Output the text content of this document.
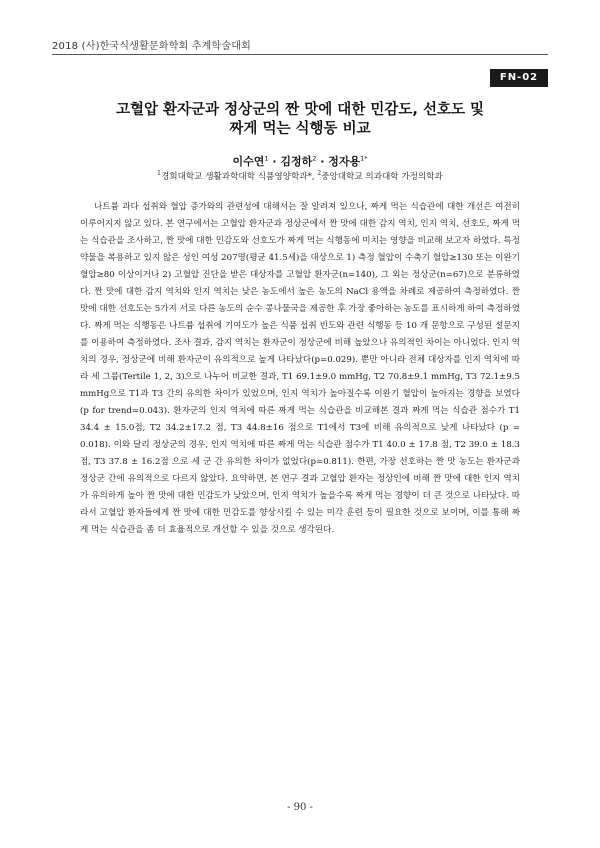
2018 (사)한국식생활문화학회 추계학술대회
FN-02
고혈압 환자군과 정상군의 짠 맛에 대한 민감도, 선호도 및
짜게 먹는 식행동 비교
이수연$^1$ · 김정하$^2$ · 정자용$^{1*}$
$^1$경희대학교 생활과학대학 식품영양학과*, $^2$중앙대학교 의과대학 가정의학과

나트륨 과다 섭취와 혈압 증가와의 관련성에 대해서는 잘 알려져 있으나, 짜게 먹는 식습관에 대한 개선은 여전히 이루어지지 않고 있다. 본 연구에서는 고혈압 환자군과 정상군에서 짠 맛에 대한 감지 역치, 인지 역치, 선호도, 짜게 먹는 식습관을 조사하고, 짠 맛에 대한 민감도와 선호도가 짜게 먹는 식행동에 미치는 영향을 비교해 보고자 하였다. 특정 약물을 복용하고 있지 않은 성인 여성 207명(평균 41.5세)을 대상으로 1) 측정 혈압이 수축기 혈압≥130 또는 이완기 혈압≥80 이상이거나 2) 고혈압 진단을 받은 대상자를 고혈압 환자군(n=140), 그 외는 정상군(n=67)으로 분류하였다. 짠 맛에 대한 감지 역치와 인지 역치는 낮은 농도에서 높은 농도의 NaCl 용액을 차례로 제공하여 측정하였다. 짠 맛에 대한 선호도는 5가지 서로 다른 농도의 순수 콩나물국을 제공한 후 가장 좋아하는 농도를 표시하게 하여 측정하였다. 짜게 먹는 식행동은 나트륨 섭취에 기여도가 높은 식품 섭취 빈도와 관련 식행동 등 10 개 문항으로 구성된 설문지를 이용하여 측정하였다. 조사 결과, 감지 역치는 환자군이 정상군에 비해 높았으나 유의적인 차이는 아니었다. 인지 역치의 경우, 정상군에 비해 환자군이 유의적으로 높게 나타났다(p=0.029). 뿐만 아니라 전체 대상자를 인지 역치에 따라 세 그룹(Tertile 1, 2, 3)으로 나누어 비교한 결과, T1 69.1±9.0 mmHg, T2 70.8±9.1 mmHg, T3 72.1±9.5 mmHg으로 T1과 T3 간의 유의한 차이가 있었으며, 인지 역치가 높아질수록 이완기 혈압이 높아지는 경향을 보였다 (p for trend=0.043). 환자군의 인지 역치에 따른 짜게 먹는 식습관을 비교해본 결과 짜게 먹는 식습관 점수가 T1 34.4 ± 15.0점, T2 34.2±17.2 점, T3 44.8±16 점으로 T1에서 T3에 비해 유의적으로 낮게 나타났다 (p = 0.018). 이와 달리 정상군의 경우, 인지 역치에 따른 짜게 먹는 식습관 점수가 T1 40.0 ± 17.8 점, T2 39.0 ± 18.3점, T3 37.8 ± 16.2점 으로 세 군 간 유의한 차이가 없었다(p=0.811). 한편, 가장 선호하는 짠 맛 농도는 환자군과 정상군 간에 유의적으로 다르지 않았다. 요약하면, 본 연구 결과 고혈압 환자는 정상인에 비해 짠 맛에 대한 인지 역치가 유의하게 높아 짠 맛에 대한 민감도가 낮았으며, 인지 역치가 높을수록 짜게 먹는 경향이 더 큰 것으로 나타났다. 따라서 고혈압 환자들에게 짠 맛에 대한 민감도를 향상시킬 수 있는 미각 훈련 등이 필요한 것으로 보이며, 이를 통해 짜게 먹는 식습관을 좀 더 효율적으로 개선할 수 있을 것으로 생각된다.

- 90 -
